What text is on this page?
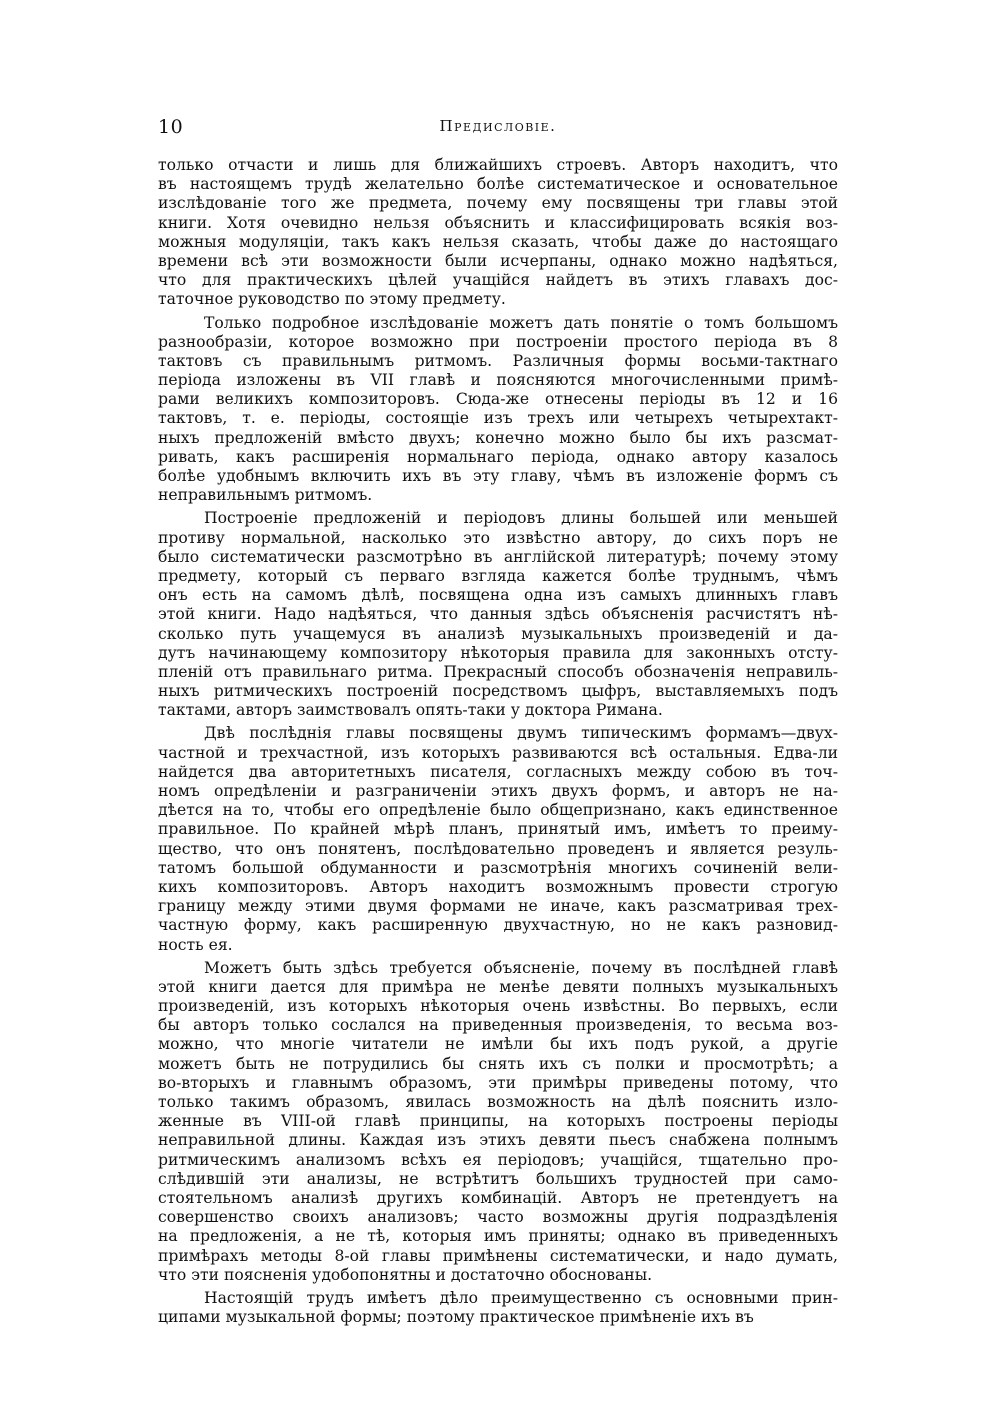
10	Предисловіе.
только отчасти и лишь для ближайшихъ строевъ. Авторъ находитъ, что
въ настоящемъ трудѣ желательно болѣе систематическое и основательное
изслѣдованіе того же предмета, почему ему посвящены три главы этой
книги. Хотя очевидно нельзя объяснить и классифицировать всякія воз-
можныя модуляціи, такъ какъ нельзя сказать, чтобы даже до настоящаго
времени всѣ эти возможности были исчерпаны, однако можно надѣяться,
что для практическихъ цѣлей учащійся найдетъ въ этихъ главахъ дос-
таточное руководство по этому предмету.
Только подробное изслѣдованіе можетъ дать понятіе о томъ большомъ
разнообразіи, которое возможно при построеніи простого періода въ 8
тактовъ съ правильнымъ ритмомъ. Различныя формы восьми-тактнаго
періода изложены въ VII главѣ и поясняются многочисленными примѣ-
рами великихъ композиторовъ. Сюда-же отнесены періоды въ 12 и 16
тактовъ, т. е. періоды, состоящіе изъ трехъ или четырехъ четырехтакт-
ныхъ предложеній вмѣсто двухъ; конечно можно было бы ихъ разсмат-
ривать, какъ расширенія нормальнаго періода, однако автору казалось
болѣе удобнымъ включить ихъ въ эту главу, чѣмъ въ изложеніе формъ съ
неправильнымъ ритмомъ.
Построеніе предложеній и періодовъ длины большей или меньшей
противу нормальной, насколько это извѣстно автору, до сихъ поръ не
было систематически разсмотрѣно въ англійской литературѣ; почему этому
предмету, который съ перваго взгляда кажется болѣе труднымъ, чѣмъ
онъ есть на самомъ дѣлѣ, посвящена одна изъ самыхъ длинныхъ главъ
этой книги. Надо надѣяться, что данныя здѣсь объясненія расчистятъ нѣ-
сколько путь учащемуся въ анализѣ музыкальныхъ произведеній и да-
дутъ начинающему композитору нѣкоторыя правила для законныхъ отсту-
пленій отъ правильнаго ритма. Прекрасный способъ обозначенія неправиль-
ныхъ ритмическихъ построеній посредствомъ цыфръ, выставляемыхъ подъ
тактами, авторъ заимствовалъ опять-таки у доктора Римана.
Двѣ послѣднія главы посвящены двумъ типическимъ формамъ—двух-
частной и трехчастной, изъ которыхъ развиваются всѣ остальныя. Едва-ли
найдется два авторитетныхъ писателя, согласныхъ между собою въ точ-
номъ опредѣленіи и разграниченіи этихъ двухъ формъ, и авторъ не на-
дѣется на то, чтобы его опредѣленіе было общепризнано, какъ единственное
правильное. По крайней мѣрѣ планъ, принятый имъ, имѣетъ то преиму-
щество, что онъ понятенъ, послѣдовательно проведенъ и является резуль-
татомъ большой обдуманности и разсмотрѣнія многихъ сочиненій вели-
кихъ композиторовъ. Авторъ находитъ возможнымъ провести строгую
границу между этими двумя формами не иначе, какъ разсматривая трех-
частную форму, какъ расширенную двухчастную, но не какъ разновид-
ность ея.
Можетъ быть здѣсь требуется объясненіе, почему въ послѣдней главѣ
этой книги дается для примѣра не менѣе девяти полныхъ музыкальныхъ
произведеній, изъ которыхъ нѣкоторыя очень извѣстны. Во первыхъ, если
бы авторъ только сослался на приведенныя произведенія, то весьма воз-
можно, что многіе читатели не имѣли бы ихъ подъ рукой, а другіе
можетъ быть не потрудились бы снять ихъ съ полки и просмотрѣть; а
во-вторыхъ и главнымъ образомъ, эти примѣры приведены потому, что
только такимъ образомъ, явилась возможность на дѣлѣ пояснить изло-
женные въ VIII-ой главѣ принципы, на которыхъ построены періоды
неправильной длины. Каждая изъ этихъ девяти пьесъ снабжена полнымъ
ритмическимъ анализомъ всѣхъ ея періодовъ; учащійся, тщательно про-
слѣдившій эти анализы, не встрѣтитъ большихъ трудностей при само-
стоятельномъ анализѣ другихъ комбинацій. Авторъ не претендуетъ на
совершенство своихъ анализовъ; часто возможны другія подраздѣленія
на предложенія, а не тѣ, которыя имъ приняты; однако въ приведенныхъ
примѣрахъ методы 8-ой главы примѣнены систематически, и надо думать,
что эти поясненія удобопонятны и достаточно обоснованы.
Настоящій трудъ имѣетъ дѣло преимущественно съ основными прин-
ципами музыкальной формы; поэтому практическое примѣненіе ихъ въ
